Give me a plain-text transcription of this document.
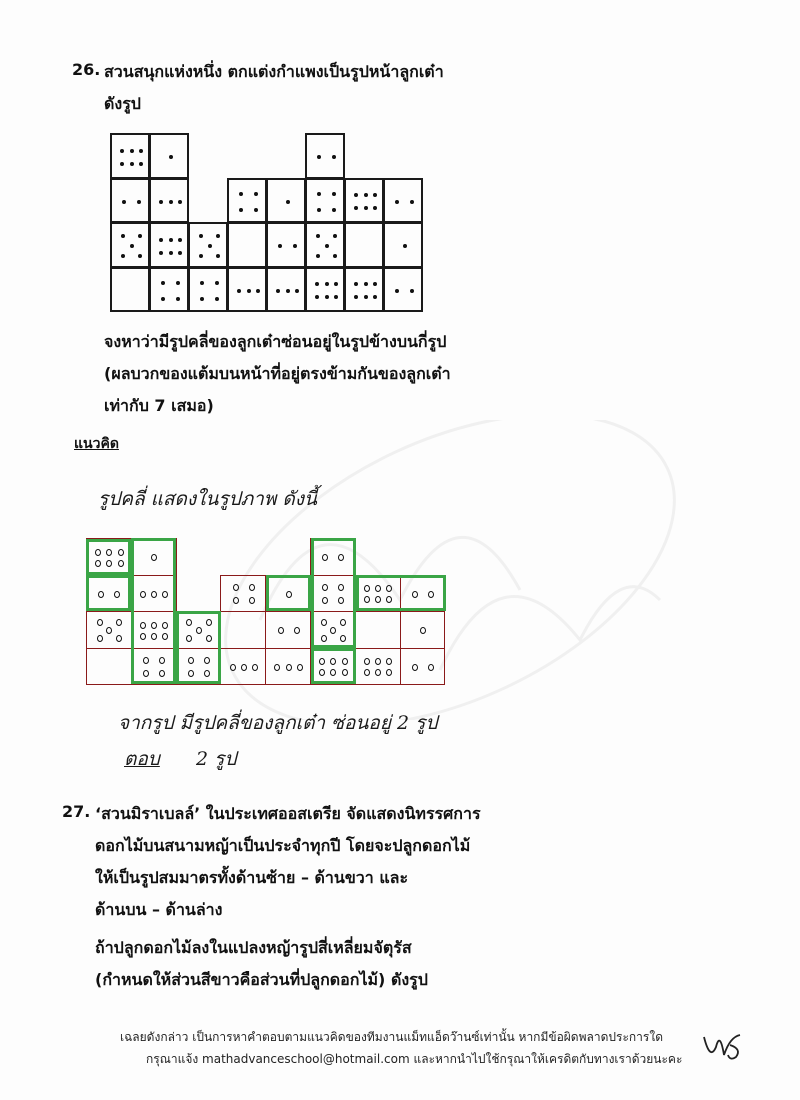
26. สวนสนุกแห่งหนึ่ง ตกแต่งกำแพงเป็นรูปหน้าลูกเต๋า
ดังรูป
จงหาว่ามีรูปคลี่ของลูกเต๋าซ่อนอยู่ในรูปข้างบนกี่รูป
(ผลบวกของแต้มบนหน้าที่อยู่ตรงข้ามกันของลูกเต๋า
เท่ากับ 7 เสมอ)
แนวคิด
รูปคลี่ แสดงในรูปภาพ ดังนี้
จากรูป มีรูปคลี่ของลูกเต๋า ซ่อนอยู่ 2 รูป
ตอบ 2 รูป
27. ‘สวนมิราเบลล์’ ในประเทศออสเตรีย จัดแสดงนิทรรศการ
ดอกไม้บนสนามหญ้าเป็นประจำทุกปี โดยจะปลูกดอกไม้
ให้เป็นรูปสมมาตรทั้งด้านซ้าย – ด้านขวา และ
ด้านบน – ด้านล่าง
ถ้าปลูกดอกไม้ลงในแปลงหญ้ารูปสี่เหลี่ยมจัตุรัส
(กำหนดให้ส่วนสีขาวคือส่วนที่ปลูกดอกไม้) ดังรูป
เฉลยดังกล่าว เป็นการหาคำตอบตามแนวคิดของทีมงานแม็ทแอ็ดว๊านซ์เท่านั้น หากมีข้อผิดพลาดประการใด
กรุณาแจ้ง mathadvanceschool@hotmail.com และหากนำไปใช้กรุณาให้เครดิตกับทางเราด้วยนะคะ
